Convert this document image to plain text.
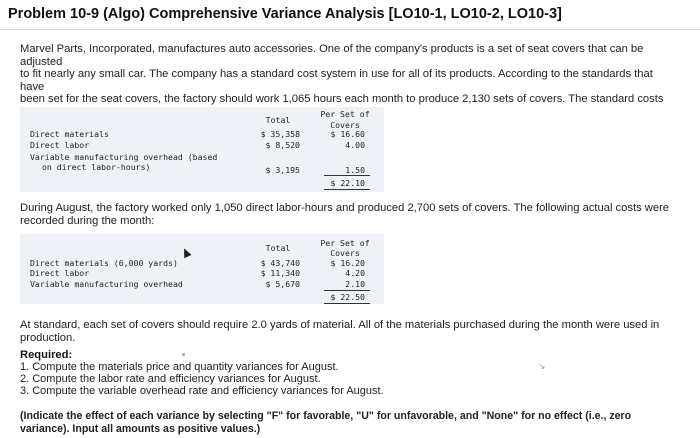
Problem 10-9 (Algo) Comprehensive Variance Analysis [LO10-1, LO10-2, LO10-3]
Marvel Parts, Incorporated, manufactures auto accessories. One of the company's products is a set of seat covers that can be adjusted
to fit nearly any small car. The company has a standard cost system in use for all of its products. According to the standards that have
been set for the seat covers, the factory should work 1,065 hours each month to produce 2,130 sets of covers. The standard costs
Total
Per Set of
Covers
Direct materials	$ 35,358	$ 16.60
Direct labor	$ 8,520	4.00
Variable manufacturing overhead (based
on direct labor-hours)	$ 3,195	1.50
$ 22.10
During August, the factory worked only 1,050 direct labor-hours and produced 2,700 sets of covers. The following actual costs were
recorded during the month:
Total	Per Set of
Covers
Direct materials (6,000 yards)	$ 43,740	$ 16.20
Direct labor	$ 11,340	4.20
Variable manufacturing overhead	$ 5,670	2.10
$ 22.50
At standard, each set of covers should require 2.0 yards of material. All of the materials purchased during the month were used in
production.
Required:
1. Compute the materials price and quantity variances for August.	↘
2. Compute the labor rate and efficiency variances for August.
3. Compute the variable overhead rate and efficiency variances for August.
(Indicate the effect of each variance by selecting "F" for favorable, "U" for unfavorable, and "None" for no effect (i.e., zero
variance). Input all amounts as positive values.)
